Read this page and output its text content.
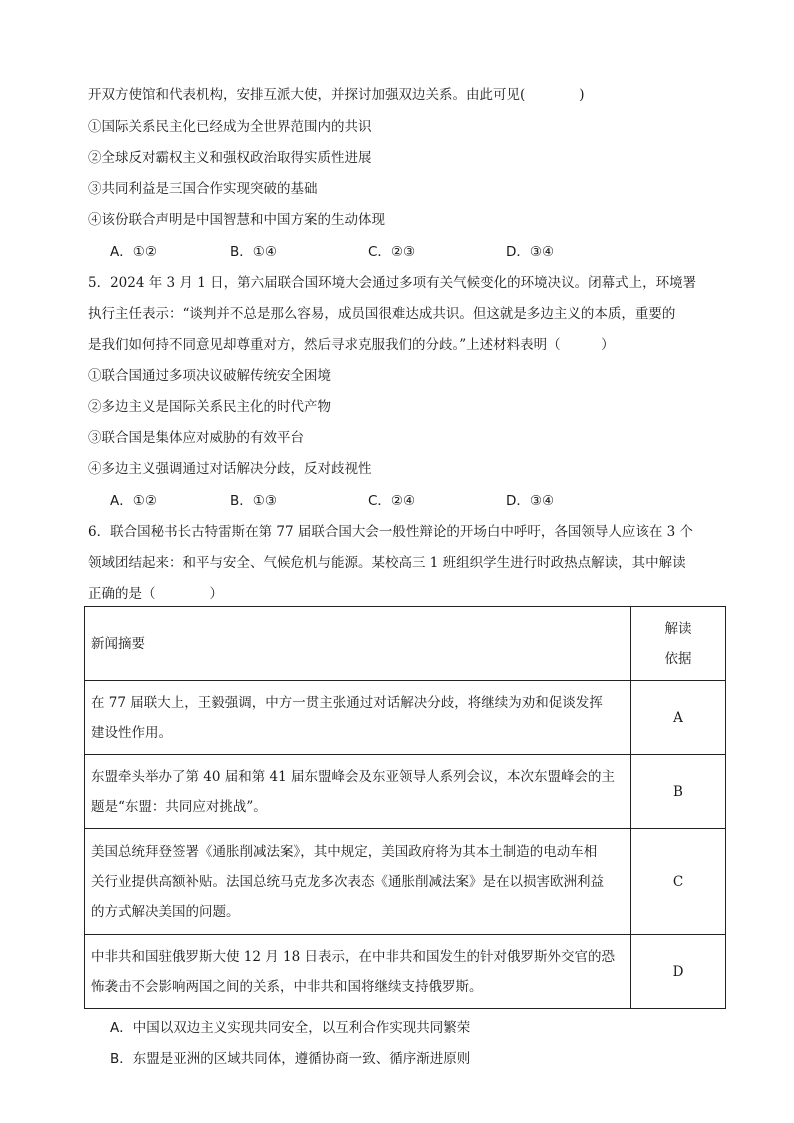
开双方使馆和代表机构，安排互派大使，并探讨加强双边关系。由此可见(　　　　)
①国际关系民主化已经成为全世界范围内的共识
②全球反对霸权主义和强权政治取得实质性进展
③共同利益是三国合作实现突破的基础
④该份联合声明是中国智慧和中国方案的生动体现
A．①②	B．①④	C．②③	D．③④
5．2024 年 3 月 1 日，第六届联合国环境大会通过多项有关气候变化的环境决议。闭幕式上，环境署
执行主任表示：“谈判并不总是那么容易，成员国很难达成共识。但这就是多边主义的本质，重要的
是我们如何持不同意见却尊重对方，然后寻求克服我们的分歧。”上述材料表明（　　　）
①联合国通过多项决议破解传统安全困境
②多边主义是国际关系民主化的时代产物
③联合国是集体应对威胁的有效平台
④多边主义强调通过对话解决分歧，反对歧视性
A．①②	B．①③	C．②④	D．③④
6．联合国秘书长古特雷斯在第 77 届联合国大会一般性辩论的开场白中呼吁，各国领导人应该在 3 个
领域团结起来：和平与安全、气候危机与能源。某校高三 1 班组织学生进行时政热点解读，其中解读
正确的是（　　　　）
新闻摘要	解读
依据

在 77 届联大上，王毅强调，中方一贯主张通过对话解决分歧，将继续为劝和促谈发挥
建设性作用。	A

东盟牵头举办了第 40 届和第 41 届东盟峰会及东亚领导人系列会议，本次东盟峰会的主
题是“东盟：共同应对挑战”。	B

美国总统拜登签署《通胀削减法案》，其中规定，美国政府将为其本土制造的电动车相
关行业提供高额补贴。法国总统马克龙多次表态《通胀削减法案》是在以损害欧洲利益
的方式解决美国的问题。	C

中非共和国驻俄罗斯大使 12 月 18 日表示，在中非共和国发生的针对俄罗斯外交官的恐
怖袭击不会影响两国之间的关系，中非共和国将继续支持俄罗斯。	D
A．中国以双边主义实现共同安全，以互利合作实现共同繁荣
B．东盟是亚洲的区域共同体，遵循协商一致、循序渐进原则
